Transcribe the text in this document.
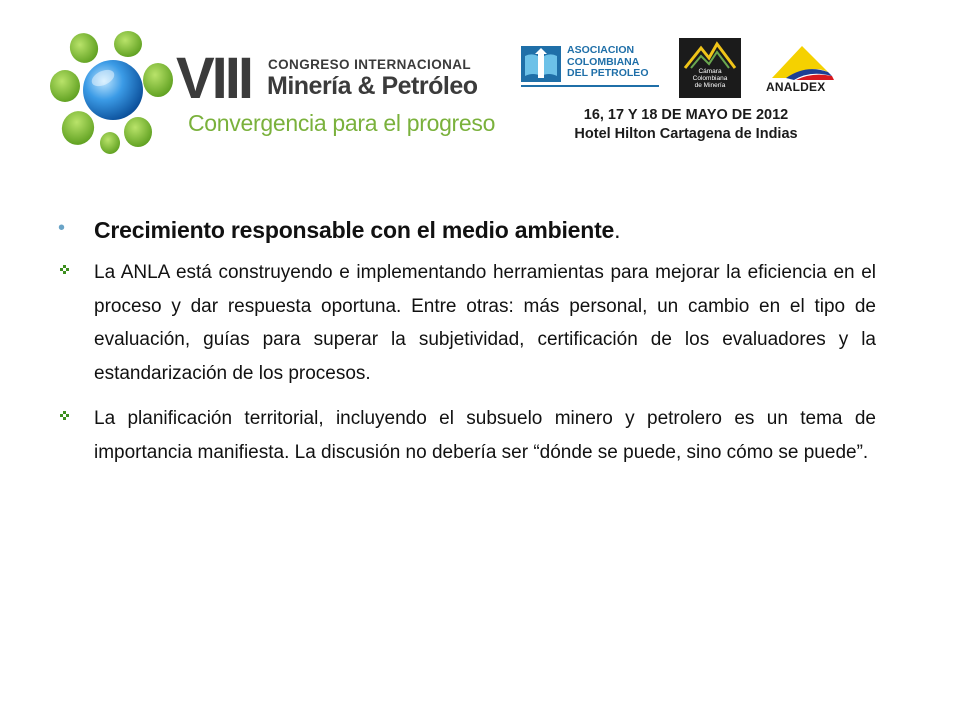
VIII CONGRESO INTERNACIONAL
Minería & Petróleo
Convergencia para el progreso
ASOCIACION
COLOMBIANA
DEL PETROLEO	Cámara
Colombiana
de Minería	ANALDEX
16, 17 Y 18 DE MAYO DE 2012
Hotel Hilton Cartagena de Indias
• Crecimiento responsable con el medio ambiente.
La ANLA está construyendo e implementando herramientas para mejorar la eficiencia en el proceso y dar respuesta oportuna. Entre otras: más personal, un cambio en el tipo de evaluación, guías para superar la subjetividad, certificación de los evaluadores y la estandarización de los procesos.
La planificación territorial, incluyendo el subsuelo minero y petrolero es un tema de importancia manifiesta. La discusión no debería ser “dónde se puede, sino cómo se puede”.
